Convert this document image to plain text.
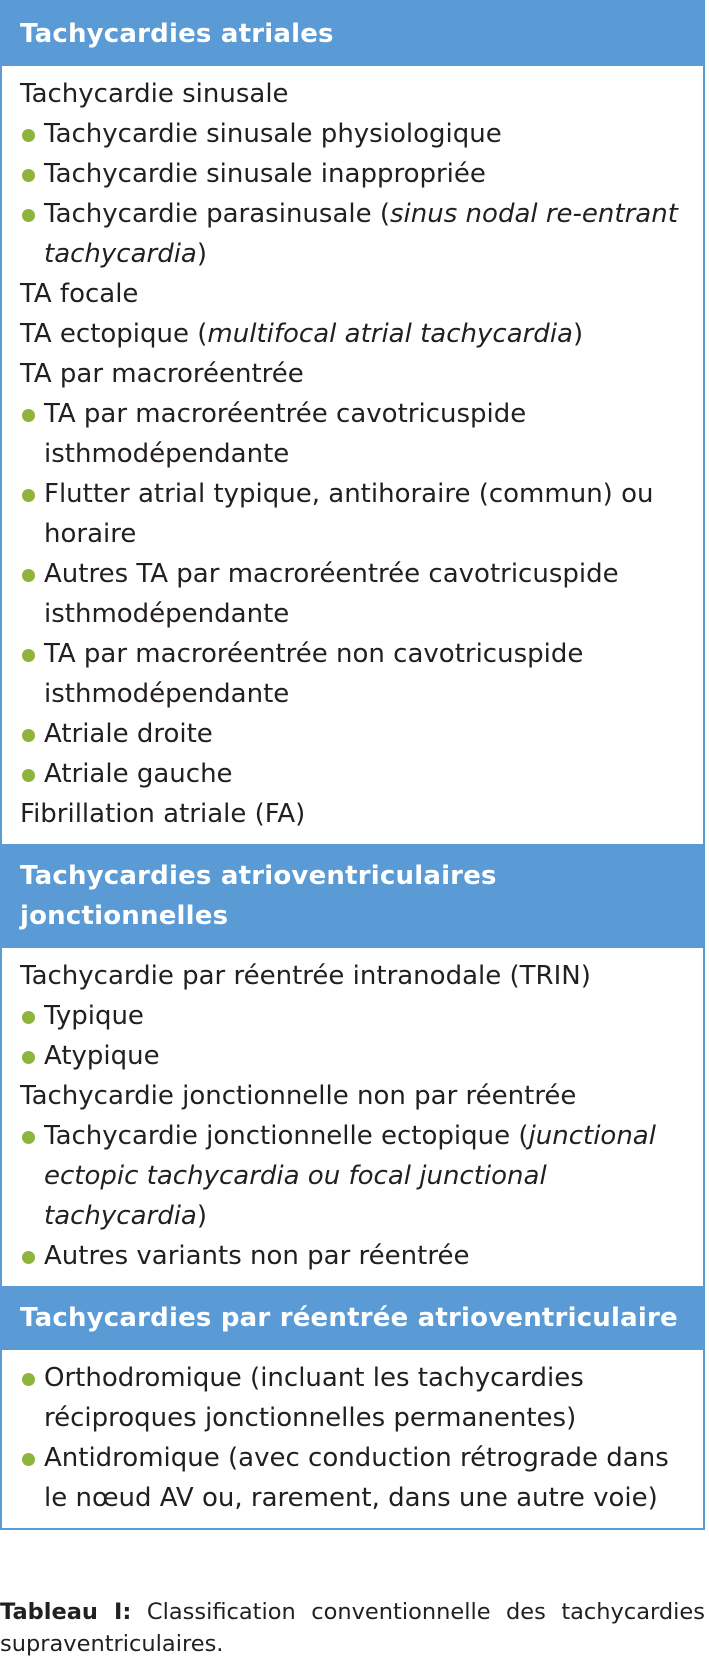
Tachycardies atriales
Tachycardie sinusale
Tachycardie sinusale physiologique
Tachycardie sinusale inappropriée
Tachycardie parasinusale (sinus nodal re-entrant tachycardia)
TA focale
TA ectopique (multifocal atrial tachycardia)
TA par macroréentrée
TA par macroréentrée cavotricuspide isthmodépendante
Flutter atrial typique, antihoraire (commun) ou horaire
Autres TA par macroréentrée cavotricuspide isthmodépendante
TA par macroréentrée non cavotricuspide isthmodépendante
Atriale droite
Atriale gauche
Fibrillation atriale (FA)
Tachycardies atrioventriculaires jonctionnelles
Tachycardie par réentrée intranodale (TRIN)
Typique
Atypique
Tachycardie jonctionnelle non par réentrée
Tachycardie jonctionnelle ectopique (junctional ectopic tachycardia ou focal junctional tachycardia)
Autres variants non par réentrée
Tachycardies par réentrée atrioventriculaire
Orthodromique (incluant les tachycardies réciproques jonctionnelles permanentes)
Antidromique (avec conduction rétrograde dans le nœud AV ou, rarement, dans une autre voie)
Tableau I: Classification conventionnelle des tachycardies supraventriculaires.
